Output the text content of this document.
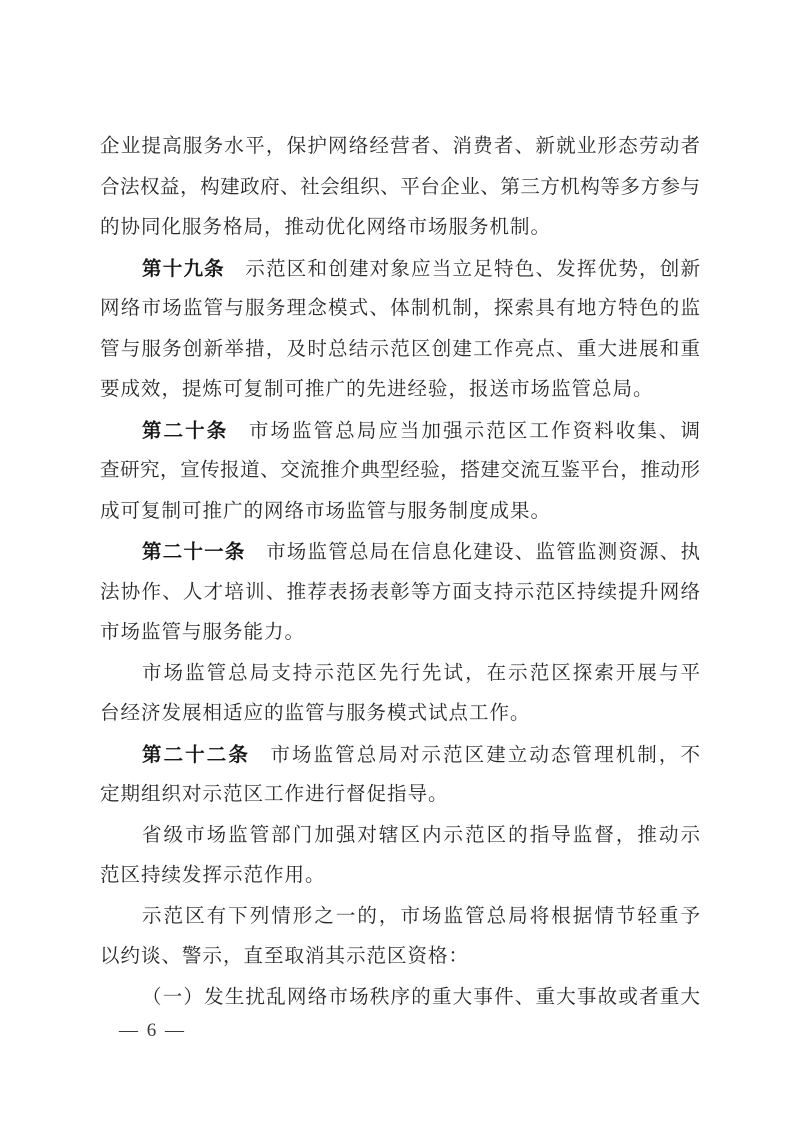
企业提高服务水平，保护网络经营者、消费者、新就业形态劳动者
合法权益，构建政府、社会组织、平台企业、第三方机构等多方参与
的协同化服务格局，推动优化网络市场服务机制。
第十九条 示范区和创建对象应当立足特色、发挥优势，创新
网络市场监管与服务理念模式、体制机制，探索具有地方特色的监
管与服务创新举措，及时总结示范区创建工作亮点、重大进展和重
要成效，提炼可复制可推广的先进经验，报送市场监管总局。
第二十条 市场监管总局应当加强示范区工作资料收集、调
查研究，宣传报道、交流推介典型经验，搭建交流互鉴平台，推动形
成可复制可推广的网络市场监管与服务制度成果。
第二十一条 市场监管总局在信息化建设、监管监测资源、执
法协作、人才培训、推荐表扬表彰等方面支持示范区持续提升网络
市场监管与服务能力。
市场监管总局支持示范区先行先试，在示范区探索开展与平
台经济发展相适应的监管与服务模式试点工作。
第二十二条 市场监管总局对示范区建立动态管理机制，不
定期组织对示范区工作进行督促指导。
省级市场监管部门加强对辖区内示范区的指导监督，推动示
范区持续发挥示范作用。
示范区有下列情形之一的，市场监管总局将根据情节轻重予
以约谈、警示，直至取消其示范区资格：
（一）发生扰乱网络市场秩序的重大事件、重大事故或者重大
— 6 —
